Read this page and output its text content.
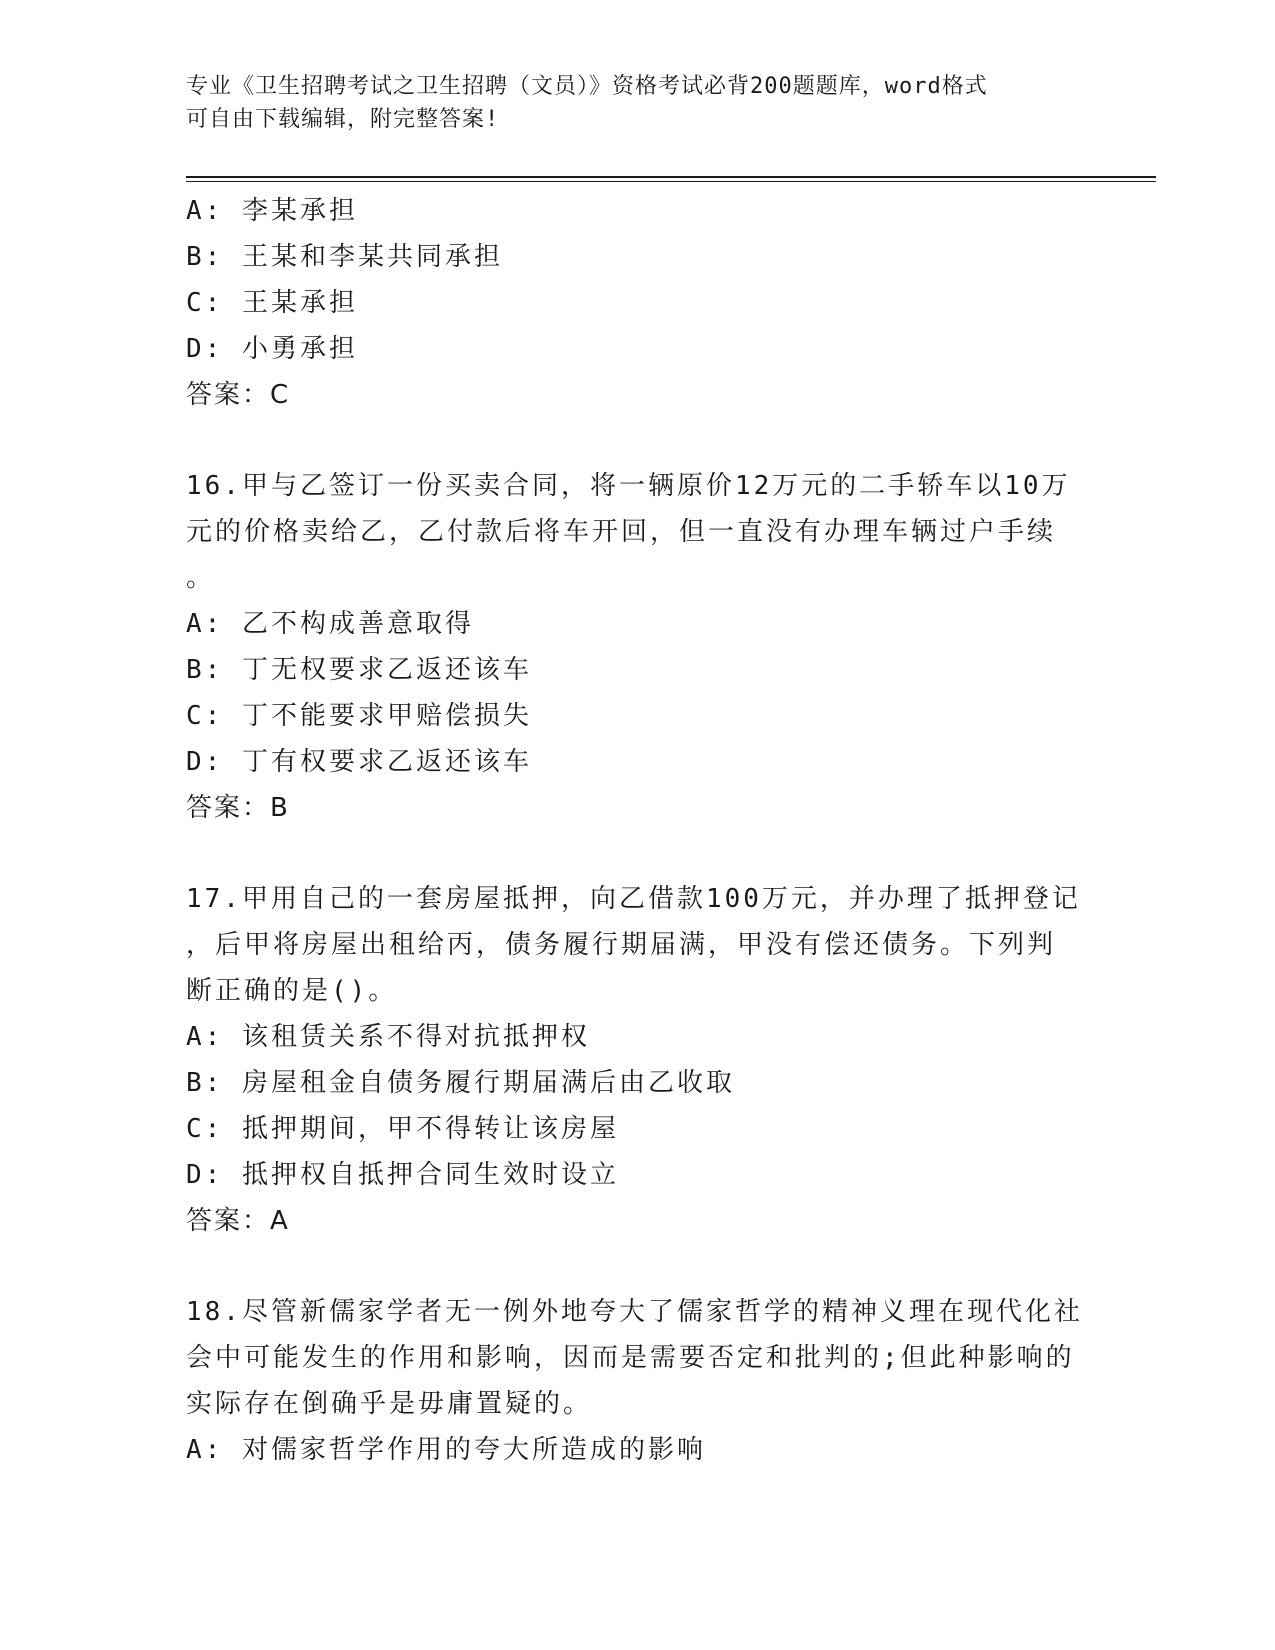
专业《卫生招聘考试之卫生招聘（文员）》资格考试必背200题题库，word格式
可自由下载编辑，附完整答案!
A: 李某承担
B: 王某和李某共同承担
C: 王某承担
D: 小勇承担
答案：C
16.甲与乙签订一份买卖合同，将一辆原价12万元的二手轿车以10万
元的价格卖给乙，乙付款后将车开回，但一直没有办理车辆过户手续
。
A: 乙不构成善意取得
B: 丁无权要求乙返还该车
C: 丁不能要求甲赔偿损失
D: 丁有权要求乙返还该车
答案：B
17.甲用自己的一套房屋抵押，向乙借款100万元，并办理了抵押登记
，后甲将房屋出租给丙，债务履行期届满，甲没有偿还债务。下列判
断正确的是()。
A: 该租赁关系不得对抗抵押权
B: 房屋租金自债务履行期届满后由乙收取
C: 抵押期间，甲不得转让该房屋
D: 抵押权自抵押合同生效时设立
答案：A
18.尽管新儒家学者无一例外地夸大了儒家哲学的精神义理在现代化社
会中可能发生的作用和影响，因而是需要否定和批判的;但此种影响的
实际存在倒确乎是毋庸置疑的。
A: 对儒家哲学作用的夸大所造成的影响
